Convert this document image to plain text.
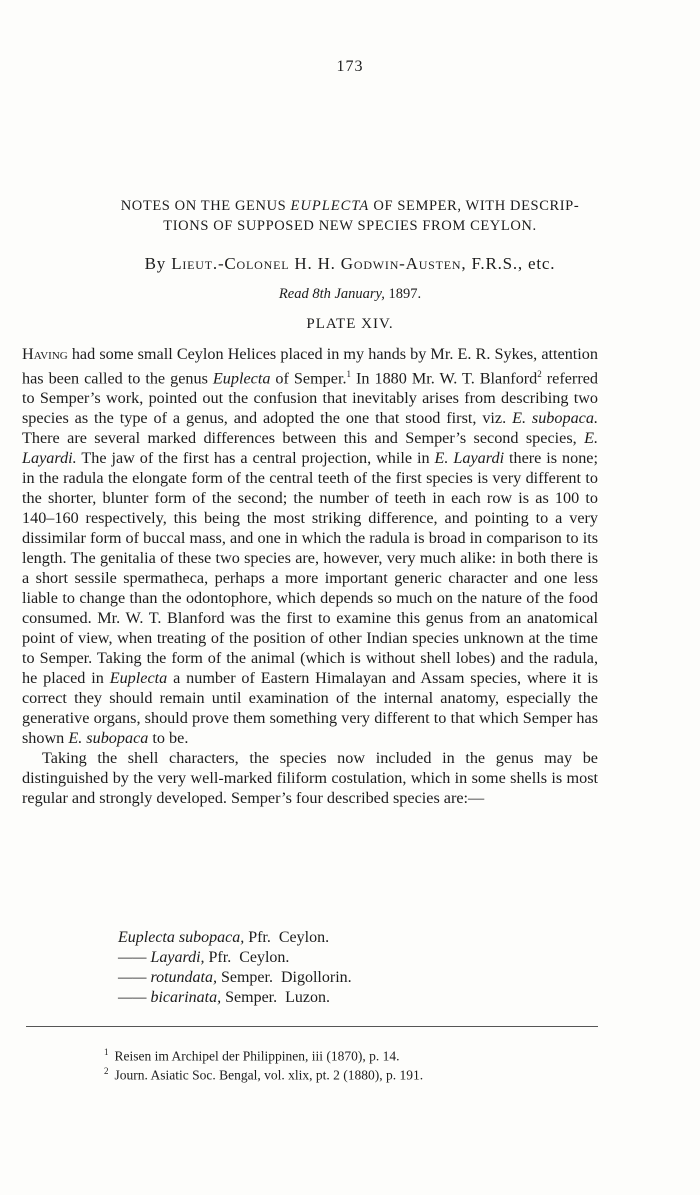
173
NOTES ON THE GENUS EUPLECTA OF SEMPER, WITH DESCRIP-
TIONS OF SUPPOSED NEW SPECIES FROM CEYLON.
By Lieut.-Colonel H. H. Godwin-Austen, F.R.S., etc.
Read 8th January, 1897.
PLATE XIV.

Having had some small Ceylon Helices placed in my hands by Mr. E. R. Sykes, attention has been called to the genus Euplecta of Semper.$^1$ In 1880 Mr. W. T. Blanford$^2$ referred to Semper’s work, pointed out the confusion that inevitably arises from describing two species as the type of a genus, and adopted the one that stood first, viz. E. subopaca. There are several marked differences between this and Semper’s second species, E. Layardi. The jaw of the first has a central projection, while in E. Layardi there is none; in the radula the elongate form of the central teeth of the first species is very different to the shorter, blunter form of the second; the number of teeth in each row is as 100 to 140–160 respectively, this being the most striking difference, and pointing to a very dissimilar form of buccal mass, and one in which the radula is broad in comparison to its length. The genitalia of these two species are, however, very much alike: in both there is a short sessile spermatheca, perhaps a more important generic character and one less liable to change than the odontophore, which depends so much on the nature of the food consumed. Mr. W. T. Blanford was the first to examine this genus from an anatomical point of view, when treating of the position of other Indian species unknown at the time to Semper. Taking the form of the animal (which is without shell lobes) and the radula, he placed in Euplecta a number of Eastern Himalayan and Assam species, where it is correct they should remain until examination of the internal anatomy, especially the generative organs, should prove them something very different to that which Semper has shown E. subopaca to be.

Taking the shell characters, the species now included in the genus may be distinguished by the very well-marked filiform costulation, which in some shells is most regular and strongly developed. Semper’s four described species are:—

Euplecta subopaca, Pfr. Ceylon.
—— Layardi, Pfr. Ceylon.
—— rotundata, Semper. Digollorin.
—— bicarinata, Semper. Luzon.
$^1$ Reisen im Archipel der Philippinen, iii (1870), p. 14.
$^2$ Journ. Asiatic Soc. Bengal, vol. xlix, pt. 2 (1880), p. 191.
